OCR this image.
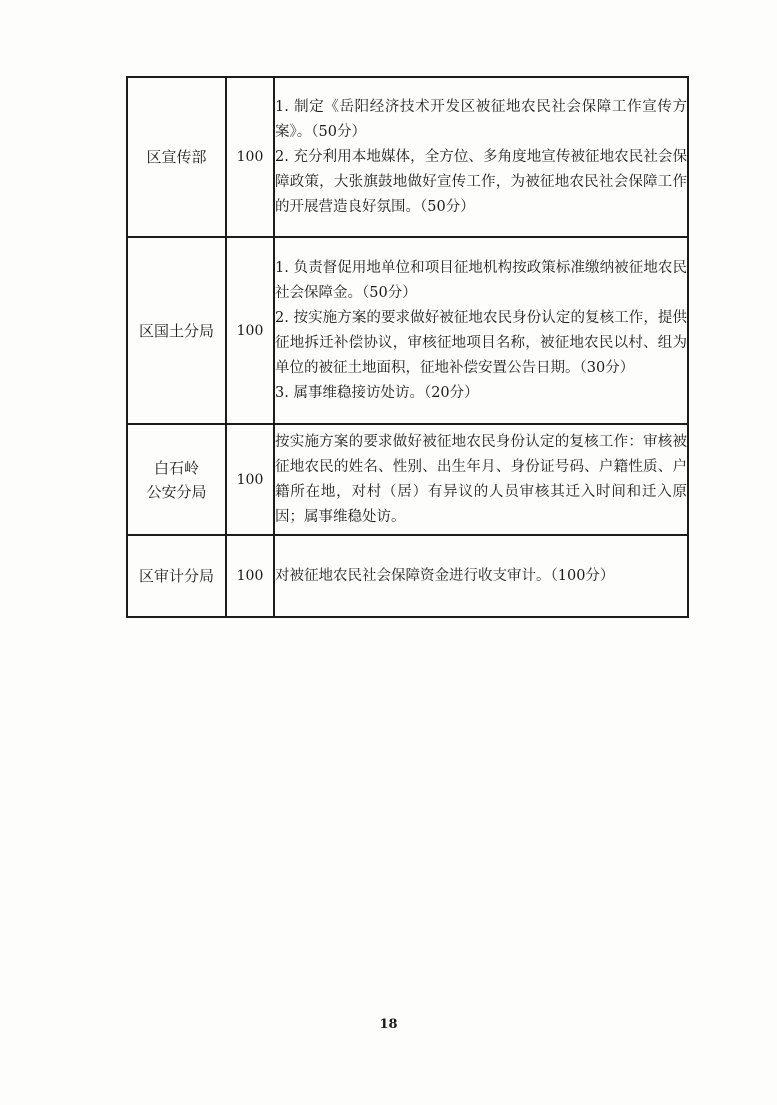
区宣传部	100	1. 制定《岳阳经济技术开发区被征地农民社会保障工作宣传方案》。（50分）
2. 充分利用本地媒体，全方位、多角度地宣传被征地农民社会保障政策，大张旗鼓地做好宣传工作，为被征地农民社会保障工作的开展营造良好氛围。（50分）

区国土分局	100	1. 负责督促用地单位和项目征地机构按政策标准缴纳被征地农民社会保障金。（50分）
2. 按实施方案的要求做好被征地农民身份认定的复核工作，提供征地拆迁补偿协议，审核征地项目名称，被征地农民以村、组为单位的被征土地面积，征地补偿安置公告日期。（30分）
3. 属事维稳接访处访。（20分）

白石岭
公安分局	100	按实施方案的要求做好被征地农民身份认定的复核工作：审核被征地农民的姓名、性别、出生年月、身份证号码、户籍性质、户籍所在地，对村（居）有异议的人员审核其迁入时间和迁入原因；属事维稳处访。

区审计分局	100	对被征地农民社会保障资金进行收支审计。（100分）
18
